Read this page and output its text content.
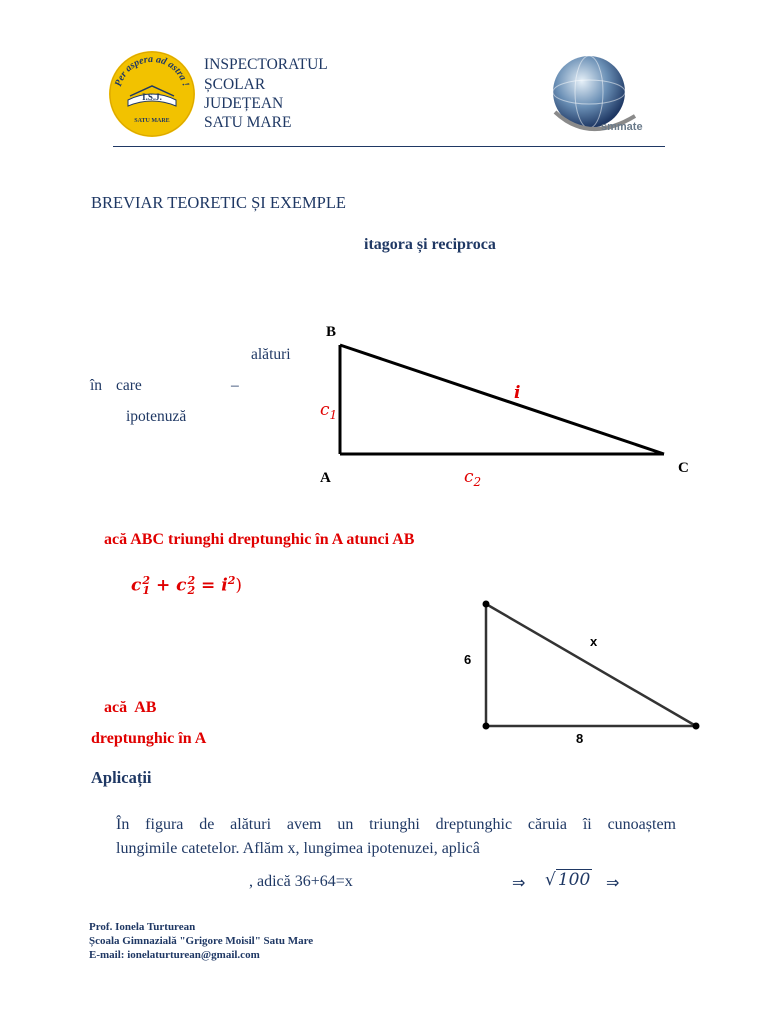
Per aspera ad astra !
I.S.J.
SATU MARE
INSPECTORATUL
ȘCOLAR
JUDEȚEAN
SATU MARE	smmate
BREVIAR TEORETIC ȘI EXEMPLE
itagora și reciproca
alături
în care	–
ipotenuză
B
A
C
$c_1$
$c_2$
i
acă ABC triunghi dreptunghic în A atunci AB
c 2
1 + c 2
$2 = i^2$)
acă  AB
dreptunghic în A
6
8
x
Aplicații
În figura de alături avem un triunghi dreptunghic căruia îi cunoaștem
lungimile catetelor. Aflăm x, lungimea ipotenuzei, aplicâ
, adică 36+64=x	⇒ √ 100 ⇒
Prof. Ionela Turturean
Școala Gimnazială "Grigore Moisil" Satu Mare
E-mail: ionelaturturean@gmail.com
